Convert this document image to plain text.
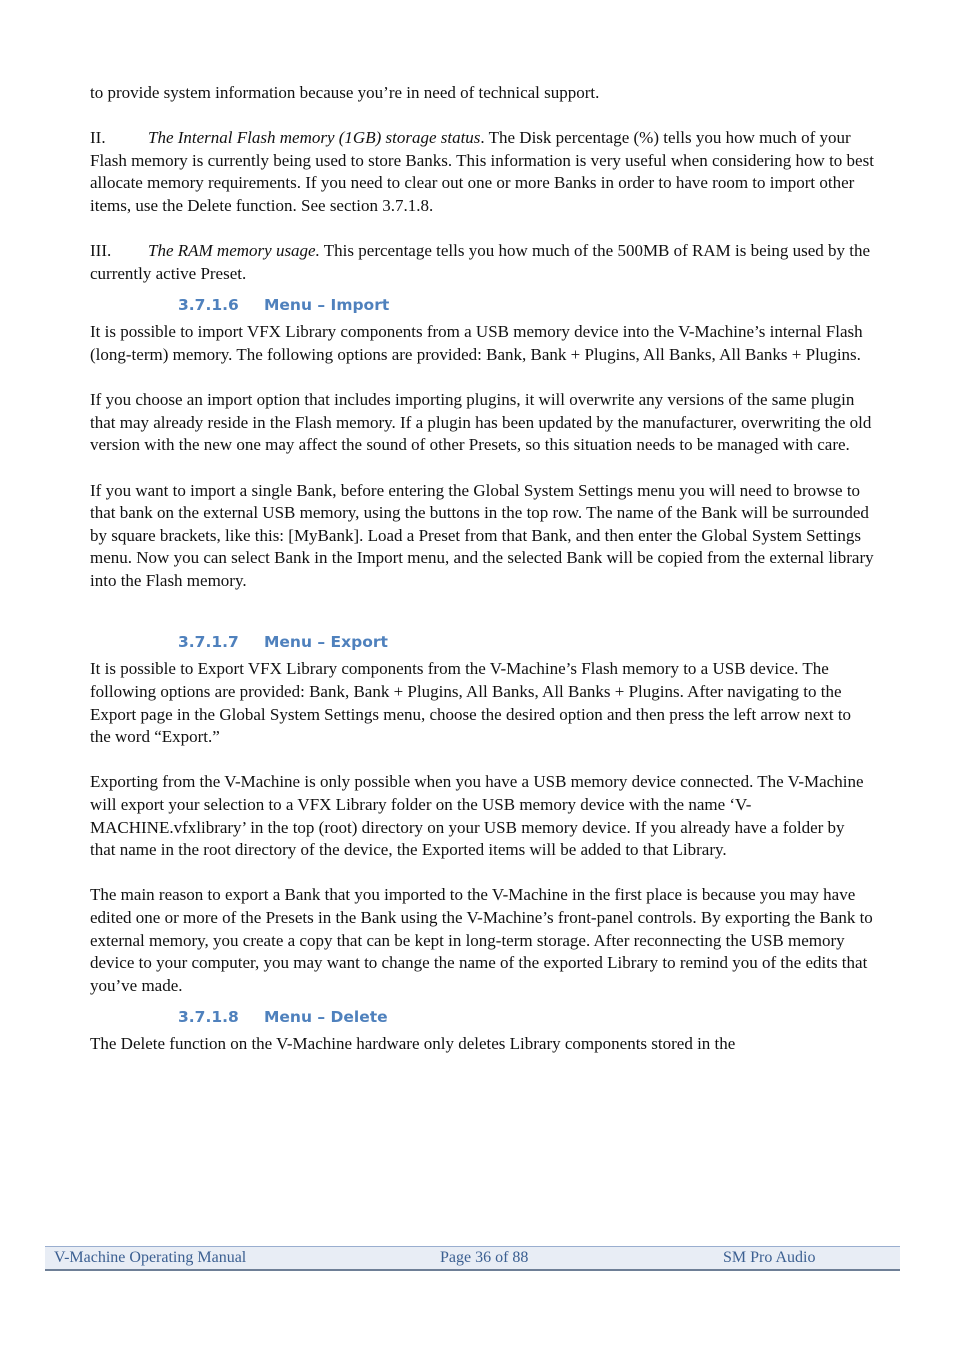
to provide system information because you’re in need of technical support.

II. The Internal Flash memory (1GB) storage status. The Disk percentage (%) tells you how much of your Flash memory is currently being used to store Banks. This information is very useful when considering how to best allocate memory requirements. If you need to clear out one or more Banks in order to have room to import other items, use the Delete function. See section 3.7.1.8.

III. The RAM memory usage. This percentage tells you how much of the 500MB of RAM is being used by the currently active Preset.

3.7.1.6 Menu – Import

It is possible to import VFX Library components from a USB memory device into the V-Machine’s internal Flash (long-term) memory. The following options are provided: Bank, Bank + Plugins, All Banks, All Banks + Plugins.

If you choose an import option that includes importing plugins, it will overwrite any versions of the same plugin that may already reside in the Flash memory. If a plugin has been updated by the manufacturer, overwriting the old version with the new one may affect the sound of other Presets, so this situation needs to be managed with care.

If you want to import a single Bank, before entering the Global System Settings menu you will need to browse to that bank on the external USB memory, using the buttons in the top row. The name of the Bank will be surrounded by square brackets, like this: [MyBank]. Load a Preset from that Bank, and then enter the Global System Settings menu. Now you can select Bank in the Import menu, and the selected Bank will be copied from the external library into the Flash memory.

3.7.1.7 Menu – Export

It is possible to Export VFX Library components from the V-Machine’s Flash memory to a USB device. The following options are provided: Bank, Bank + Plugins, All Banks, All Banks + Plugins. After navigating to the Export page in the Global System Settings menu, choose the desired option and then press the left arrow next to the word “Export.”

Exporting from the V-Machine is only possible when you have a USB memory device connected. The V-Machine will export your selection to a VFX Library folder on the USB memory device with the name ‘V-MACHINE.vfxlibrary’ in the top (root) directory on your USB memory device. If you already have a folder by that name in the root directory of the device, the Exported items will be added to that Library.

The main reason to export a Bank that you imported to the V-Machine in the first place is because you may have edited one or more of the Presets in the Bank using the V-Machine’s front-panel controls. By exporting the Bank to external memory, you create a copy that can be kept in long-term storage. After reconnecting the USB memory device to your computer, you may want to change the name of the exported Library to remind you of the edits that you’ve made.

3.7.1.8 Menu – Delete

The Delete function on the V-Machine hardware only deletes Library components stored in the

V-Machine Operating Manual	Page 36 of 88	SM Pro Audio
